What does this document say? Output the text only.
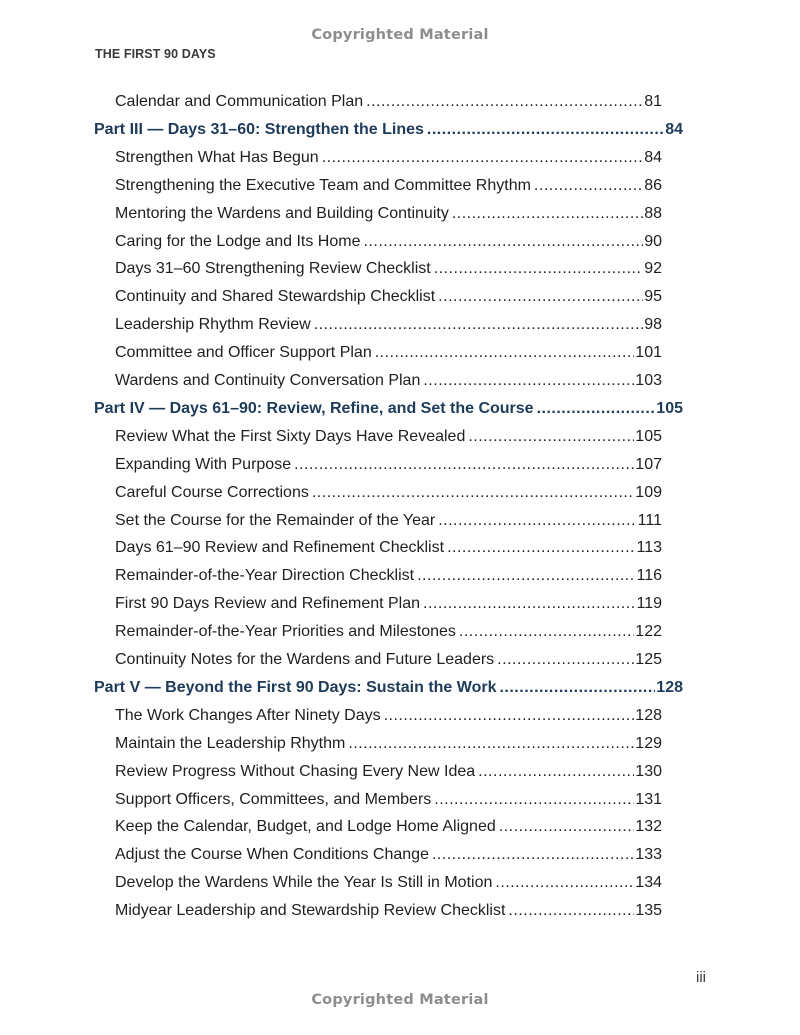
Copyrighted Material
THE FIRST 90 DAYS
Calendar and Communication Plan .....	81
Part III — Days 31–60: Strengthen the Lines .....	84
Strengthen What Has Begun .....	84
Strengthening the Executive Team and Committee Rhythm .....	86
Mentoring the Wardens and Building Continuity .....	88
Caring for the Lodge and Its Home .....	90
Days 31–60 Strengthening Review Checklist .....	92
Continuity and Shared Stewardship Checklist .....	95
Leadership Rhythm Review .....	98
Committee and Officer Support Plan .....	101
Wardens and Continuity Conversation Plan .....	103
Part IV — Days 61–90: Review, Refine, and Set the Course .....	105
Review What the First Sixty Days Have Revealed .....	105
Expanding With Purpose .....	107
Careful Course Corrections .....	109
Set the Course for the Remainder of the Year .....	111
Days 61–90 Review and Refinement Checklist .....	113
Remainder-of-the-Year Direction Checklist .....	116
First 90 Days Review and Refinement Plan .....	119
Remainder-of-the-Year Priorities and Milestones .....	122
Continuity Notes for the Wardens and Future Leaders .....	125
Part V — Beyond the First 90 Days: Sustain the Work .....	128
The Work Changes After Ninety Days .....	128
Maintain the Leadership Rhythm .....	129
Review Progress Without Chasing Every New Idea .....	130
Support Officers, Committees, and Members .....	131
Keep the Calendar, Budget, and Lodge Home Aligned .....	132
Adjust the Course When Conditions Change .....	133
Develop the Wardens While the Year Is Still in Motion .....	134
Midyear Leadership and Stewardship Review Checklist .....	135
iii
Copyrighted Material
